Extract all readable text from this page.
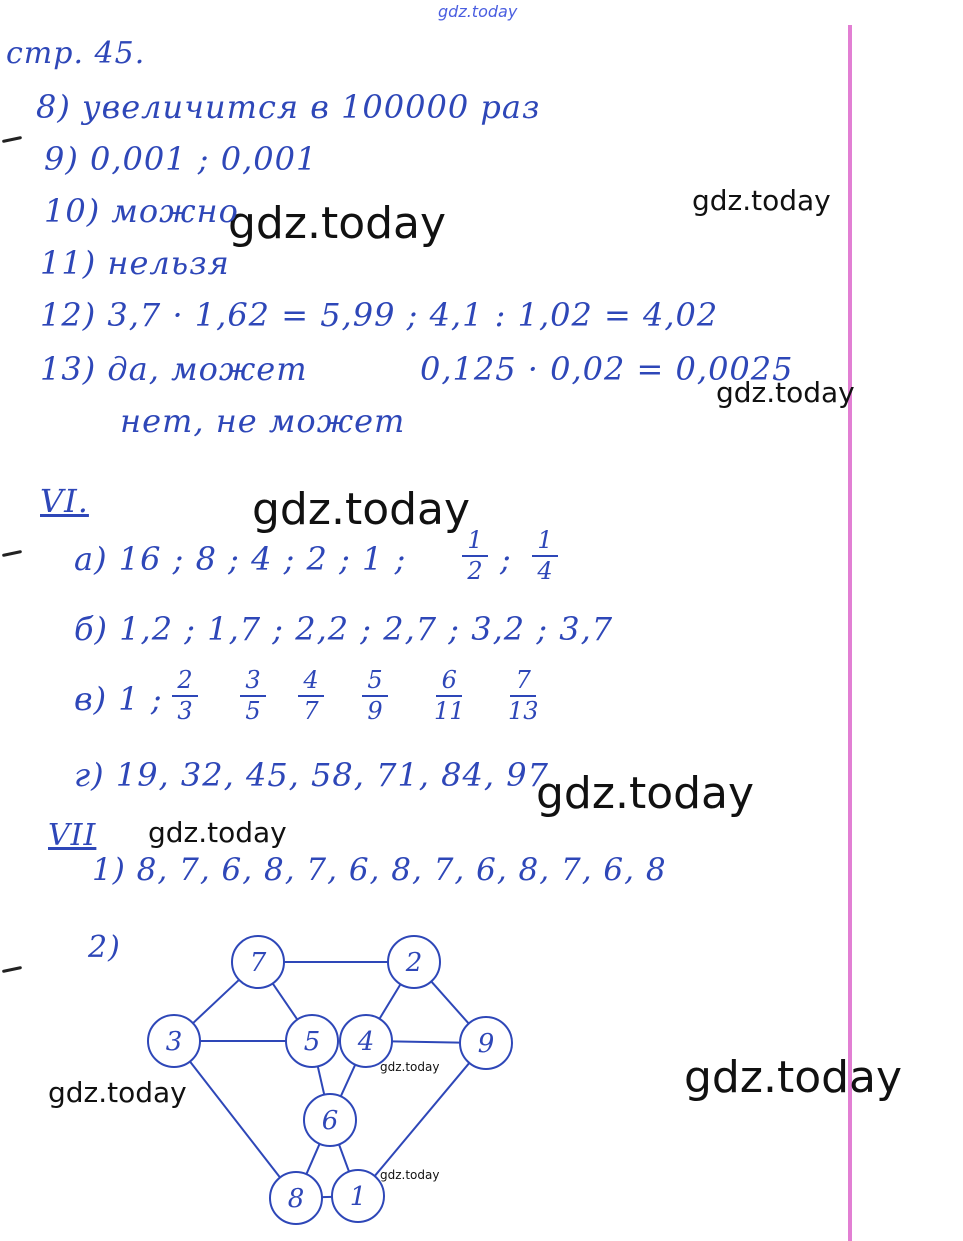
gdz.today
gdz.today	gdz.today
gdz.today
gdz.today
gdz.today
gdz.today
gdz.today
gdz.today
gdz.today
gdz.today
стр. 45.
8) увеличится в 100000 раз
9) 0,001 ; 0,001
10) можно
11) нельзя
12) 3,7 · 1,62 = 5,99 ; 4,1 : 1,02 = 4,02
13) да, может	0,125 · 0,02 = 0,0025
нет, не может
VI.
а) 16 ; 8 ; 4 ; 2 ; 1 ;	1
2 ; 1
4
б) 1,2 ; 1,7 ; 2,2 ; 2,7 ; 3,2 ; 3,7
в) 1 ; 2
3
3
5
4
7
5
9
6
11
7
13
г) 19, 32, 45, 58, 71, 84, 97
VII
1) 8, 7, 6, 8, 7, 6, 8, 7, 6, 8, 7, 6, 8
2)	7	2
3	5 4	9
6
8 1
